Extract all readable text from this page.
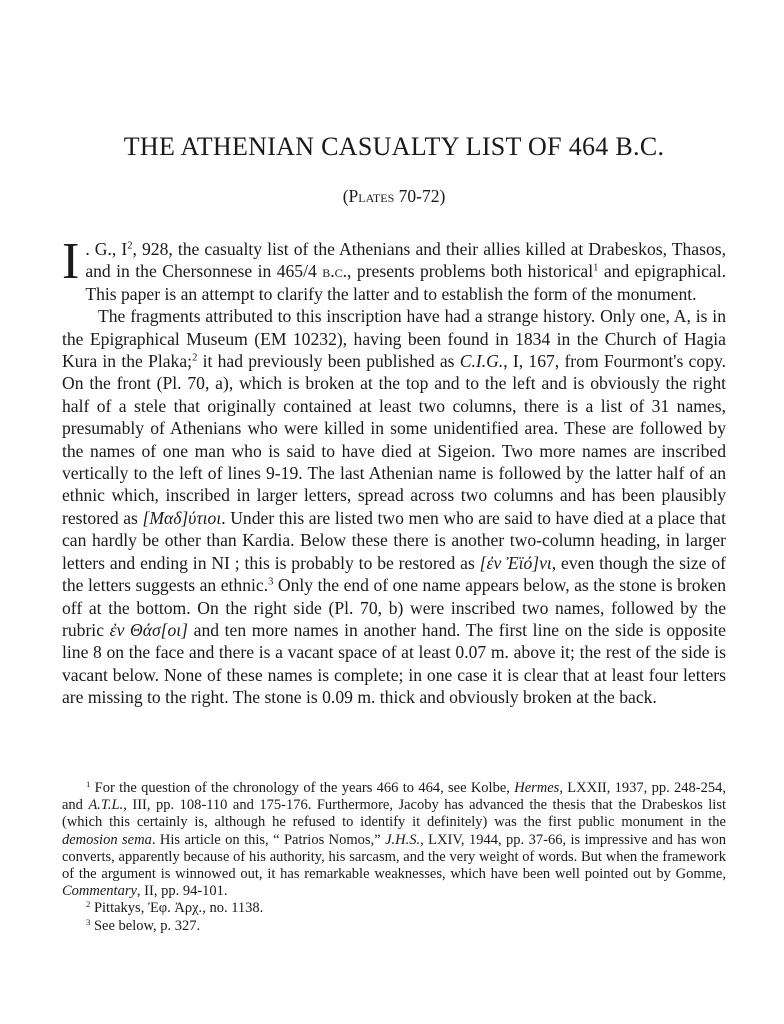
THE ATHENIAN CASUALTY LIST OF 464 B.C.

(Plates 70-72)

I . G., $I^2$, 928, the casualty list of the Athenians and their allies killed at Drabeskos, Thasos, and in the Chersonnese in 465/4 b.c., presents problems both historical$^1$ and epigraphical. This paper is an attempt to clarify the latter and to establish the form of the monument.

The fragments attributed to this inscription have had a strange history. Only one, A, is in the Epigraphical Museum (EM 10232), having been found in 1834 in the Church of Hagia Kura in the Plaka;$^2$ it had previously been published as C.I.G., I, 167, from Fourmont's copy. On the front (Pl. 70, a), which is broken at the top and to the left and is obviously the right half of a stele that originally contained at least two columns, there is a list of 31 names, presumably of Athenians who were killed in some unidentified area. These are followed by the names of one man who is said to have died at Sigeion. Two more names are inscribed vertically to the left of lines 9-19. The last Athenian name is followed by the latter half of an ethnic which, inscribed in larger letters, spread across two columns and has been plausibly restored as [Μαδ]ύτιοι. Under this are listed two men who are said to have died at a place that can hardly be other than Kardia. Below these there is another two-column heading, in larger letters and ending in NI ; this is probably to be restored as [ἐν Ἐϊό]νι, even though the size of the letters suggests an ethnic.$^3$ Only the end of one name appears below, as the stone is broken off at the bottom. On the right side (Pl. 70, b) were inscribed two names, followed by the rubric ἐν Θάσ[οι] and ten more names in another hand. The first line on the side is opposite line 8 on the face and there is a vacant space of at least 0.07 m. above it; the rest of the side is vacant below. None of these names is complete; in one case it is clear that at least four letters are missing to the right. The stone is 0.09 m. thick and obviously broken at the back.

$^1$ For the question of the chronology of the years 466 to 464, see Kolbe, Hermes, LXXII, 1937, pp. 248-254, and A.T.L., III, pp. 108-110 and 175-176. Furthermore, Jacoby has advanced the thesis that the Drabeskos list (which this certainly is, although he refused to identify it definitely) was the first public monument in the demosion sema. His article on this, “ Patrios Nomos,” J.H.S., LXIV, 1944, pp. 37-66, is impressive and has won converts, apparently because of his authority, his sarcasm, and the very weight of words. But when the framework of the argument is winnowed out, it has remarkable weaknesses, which have been well pointed out by Gomme, Commentary, II, pp. 94-101.

$^2$ Pittakys, Ἐφ. Ἀρχ., no. 1138.

$^3$ See below, p. 327.
